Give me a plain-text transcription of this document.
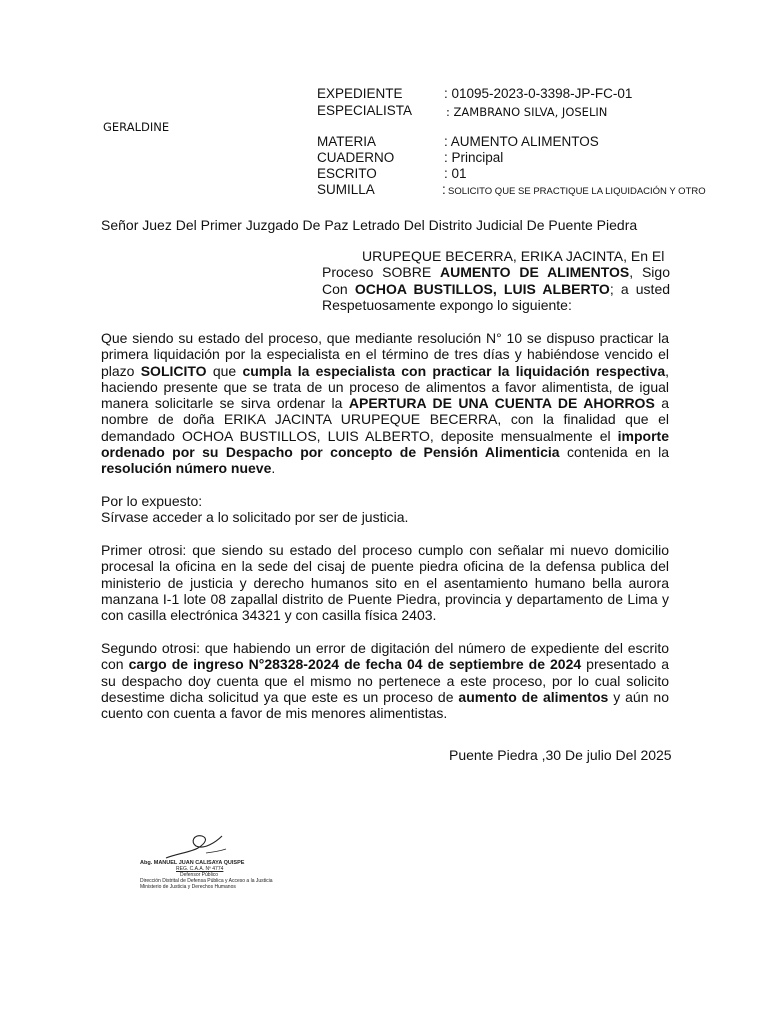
EXPEDIENTE	: 01095-2023-0-3398-JP-FC-01
ESPECIALISTA	: ZAMBRANO SILVA, JOSELIN
GERALDINE
MATERIA	: AUMENTO ALIMENTOS
CUADERNO	: Principal
ESCRITO	: 01
SUMILLA	: SOLICITO QUE SE PRACTIQUE LA LIQUIDACIÓN Y OTRO
Señor Juez Del Primer Juzgado De Paz Letrado Del Distrito Judicial De Puente Piedra
URUPEQUE BECERRA, ERIKA JACINTA, En El
Proceso SOBRE AUMENTO DE ALIMENTOS, Sigo
Con OCHOA BUSTILLOS, LUIS ALBERTO; a usted
Respetuosamente expongo lo siguiente:
Que siendo su estado del proceso, que mediante resolución N° 10 se dispuso practicar la primera liquidación por la especialista en el término de tres días y habiéndose vencido el plazo SOLICITO que cumpla la especialista con practicar la liquidación respectiva, haciendo presente que se trata de un proceso de alimentos a favor alimentista, de igual manera solicitarle se sirva ordenar la APERTURA DE UNA CUENTA DE AHORROS a nombre de doña ERIKA JACINTA URUPEQUE BECERRA, con la finalidad que el demandado OCHOA BUSTILLOS, LUIS ALBERTO, deposite mensualmente el importe ordenado por su Despacho por concepto de Pensión Alimenticia contenida en la resolución número nueve.
Por lo expuesto:
Sírvase acceder a lo solicitado por ser de justicia.
Primer otrosi: que siendo su estado del proceso cumplo con señalar mi nuevo domicilio procesal la oficina en la sede del cisaj de puente piedra oficina de la defensa publica del ministerio de justicia y derecho humanos sito en el asentamiento humano bella aurora manzana I-1 lote 08 zapallal distrito de Puente Piedra, provincia y departamento de Lima y con casilla electrónica 34321 y con casilla física 2403.
Segundo otrosi: que habiendo un error de digitación del número de expediente del escrito con cargo de ingreso N°28328-2024 de fecha 04 de septiembre de 2024 presentado a su despacho doy cuenta que el mismo no pertenece a este proceso, por lo cual solicito desestime dicha solicitud ya que este es un proceso de aumento de alimentos y aún no cuento con cuenta a favor de mis menores alimentistas.
Puente Piedra ,30 De julio Del 2025
Abg. MANUEL JUAN CALISAYA QUISPE
REG. C.A.A. Nº 4774
Defensor Público
Dirección Distrital de Defensa Pública y Acceso a la Justicia
Ministerio de Justicia y Derechos Humanos
